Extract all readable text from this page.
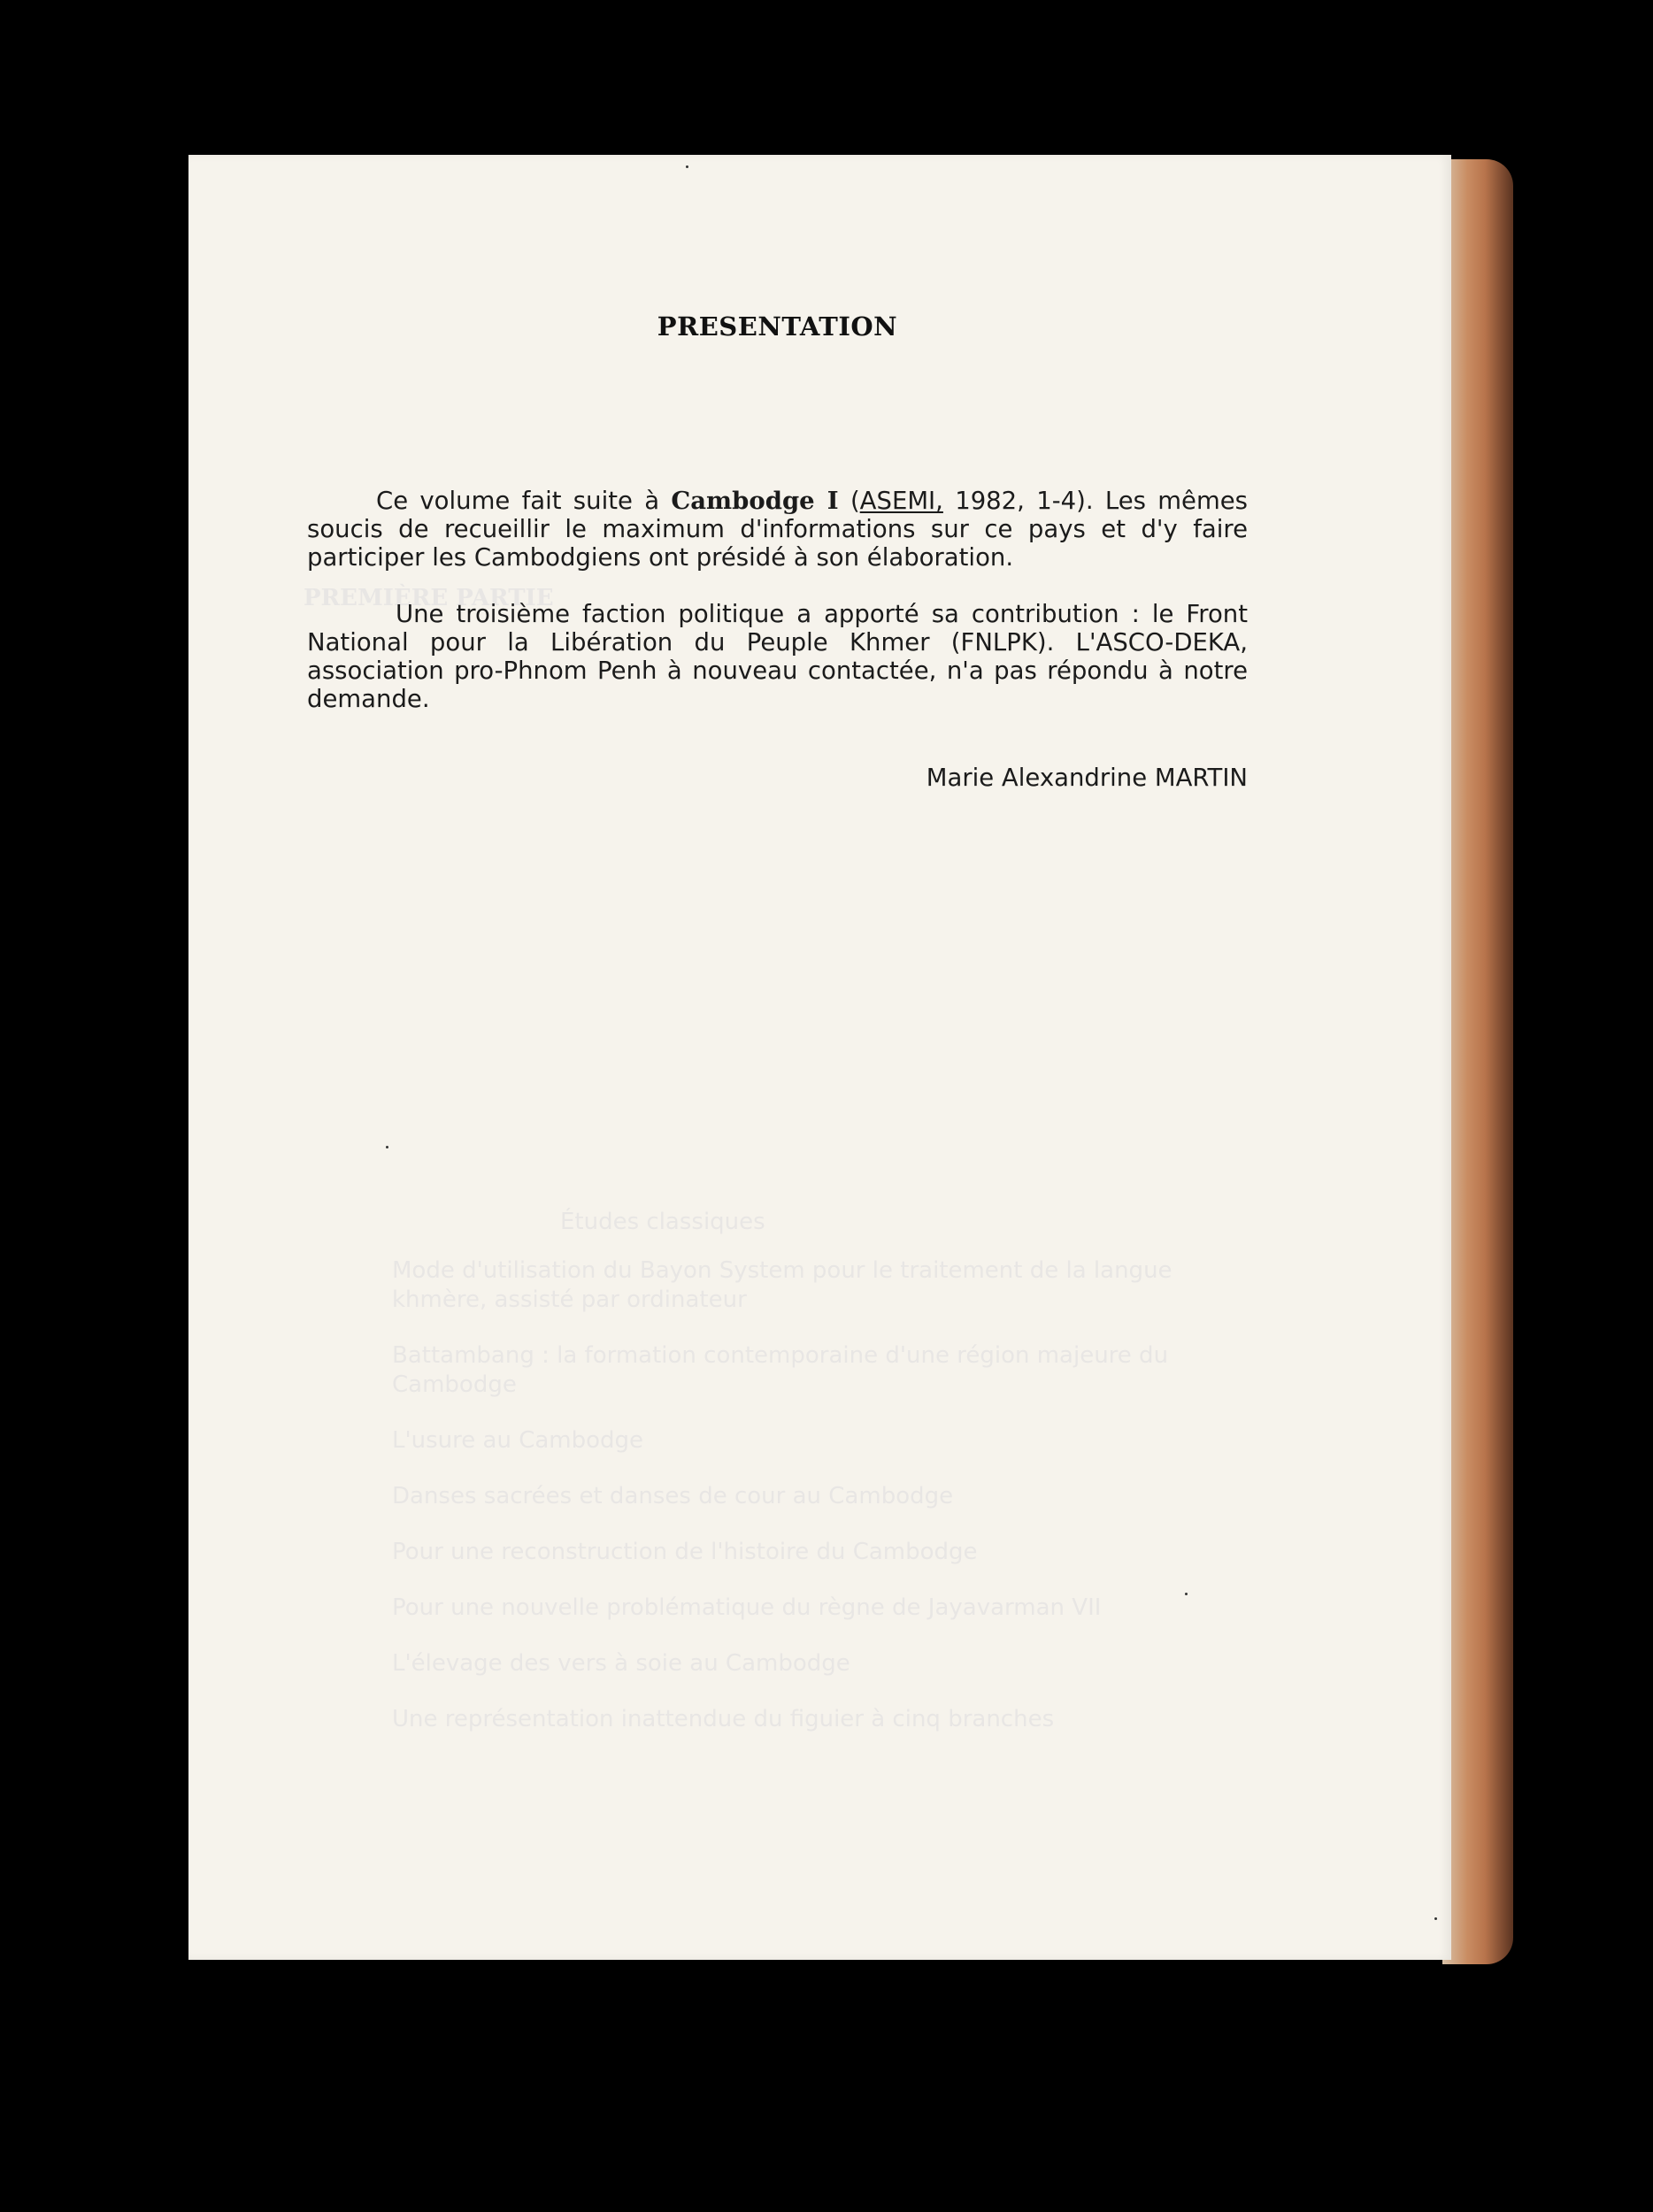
Études classiques
Mode d'utilisation du Bayon System pour le traitement de la langue khmère, assisté par ordinateur
Battambang : la formation contemporaine d'une région majeure du Cambodge
L'usure au Cambodge
Danses sacrées et danses de cour au Cambodge
Pour une reconstruction de l'histoire du Cambodge
Pour une nouvelle problématique du règne de Jayavarman VII
L'élevage des vers à soie au Cambodge
Une représentation inattendue du figuier à cinq branches
PREMIÈRE PARTIE
PRESENTATION

Ce volume fait suite à Cambodge I (ASEMI, 1982, 1-4). Les mêmes soucis de recueillir le maximum d'informations sur ce pays et d'y faire participer les Cambodgiens ont présidé à son élaboration.

Une troisième faction politique a apporté sa contribution : le Front National pour la Libération du Peuple Khmer (FNLPK). L'ASCO-DEKA, association pro-Phnom Penh à nouveau contactée, n'a pas répondu à notre demande.

Marie Alexandrine MARTIN
